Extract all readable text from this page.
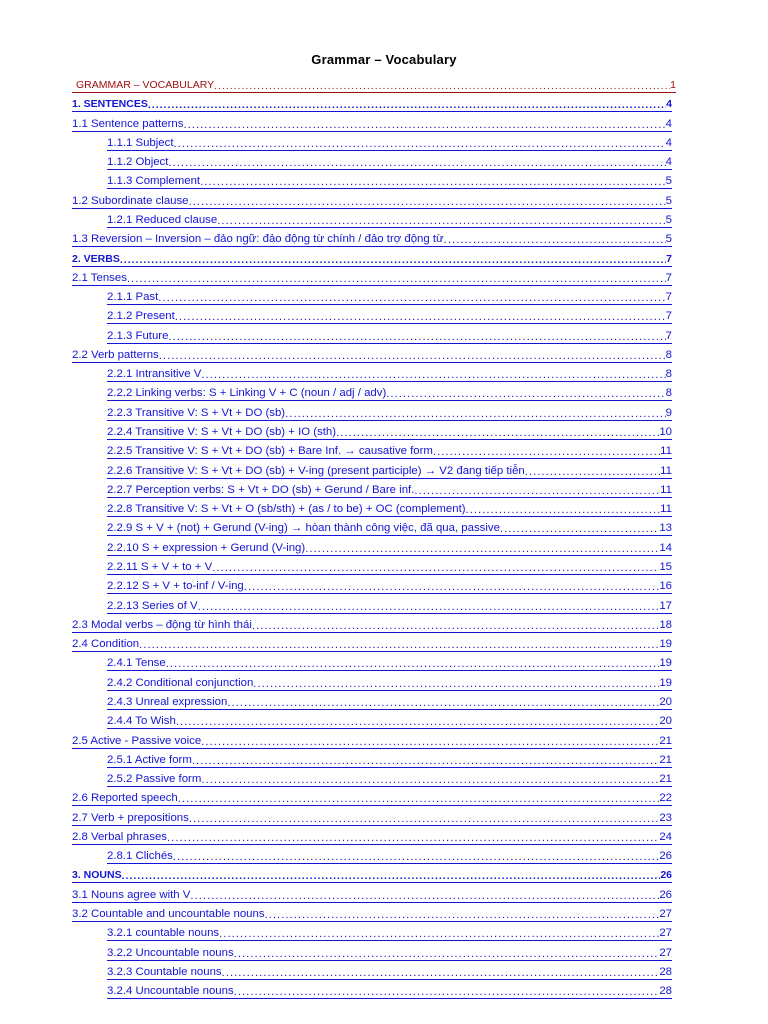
Grammar – Vocabulary
GRAMMAR – VOCABULARY .....	1
1. SENTENCES .....	4
1.1 Sentence patterns .....	4
1.1.1 Subject .....	4
1.1.2 Object .....	4
1.1.3 Complement .....	5
1.2 Subordinate clause .....	5
1.2.1 Reduced clause .....	5
1.3 Reversion – Inversion – đảo ngữ: đảo động từ chính / đảo trợ động từ .....	5
2. VERBS .....	7
2.1 Tenses .....	7
2.1.1 Past .....	7
2.1.2 Present .....	7
2.1.3 Future .....	7
2.2 Verb patterns .....	8
2.2.1 Intransitive V .....	8
2.2.2 Linking verbs: S + Linking V + C (noun / adj / adv) .....	8
2.2.3 Transitive V: S + Vt + DO (sb) .....	9
2.2.4 Transitive V: S + Vt + DO (sb) + IO (sth) .....	10
2.2.5 Transitive V: S + Vt + DO (sb) + Bare Inf. → causative form .....	11
2.2.6 Transitive V: S + Vt + DO (sb) + V-ing (present participle) → V2 đang tiếp tiễn .....	11
2.2.7 Perception verbs: S + Vt + DO (sb) + Gerund / Bare inf. .....	11
2.2.8 Transitive V: S + Vt + O (sb/sth) + (as / to be) + OC (complement) .....	11
2.2.9 S + V + (not) + Gerund (V-ing) → hòan thành công việc, đã qua, passive .....	13
2.2.10 S + expression + Gerund (V-ing) .....	14
2.2.11 S + V + to + V .....	15
2.2.12 S + V + to-inf / V-ing .....	16
2.2.13 Series of V .....	17
2.3 Modal verbs – động từ hình thái .....	18
2.4 Condition .....	19
2.4.1 Tense .....	19
2.4.2 Conditional conjunction .....	19
2.4.3 Unreal expression .....	20
2.4.4 To Wish .....	20
2.5 Active - Passive voice .....	21
2.5.1 Active form .....	21
2.5.2 Passive form .....	21
2.6 Reported speech .....	22
2.7 Verb + prepositions .....	23
2.8 Verbal phrases .....	24
2.8.1 Clichés .....	26
3. NOUNS .....	26
3.1 Nouns agree with V .....	26
3.2 Countable and uncountable nouns .....	27
3.2.1 countable nouns .....	27
3.2.2 Uncountable nouns .....	27
3.2.3 Countable nouns .....	28
3.2.4 Uncountable nouns .....	28
